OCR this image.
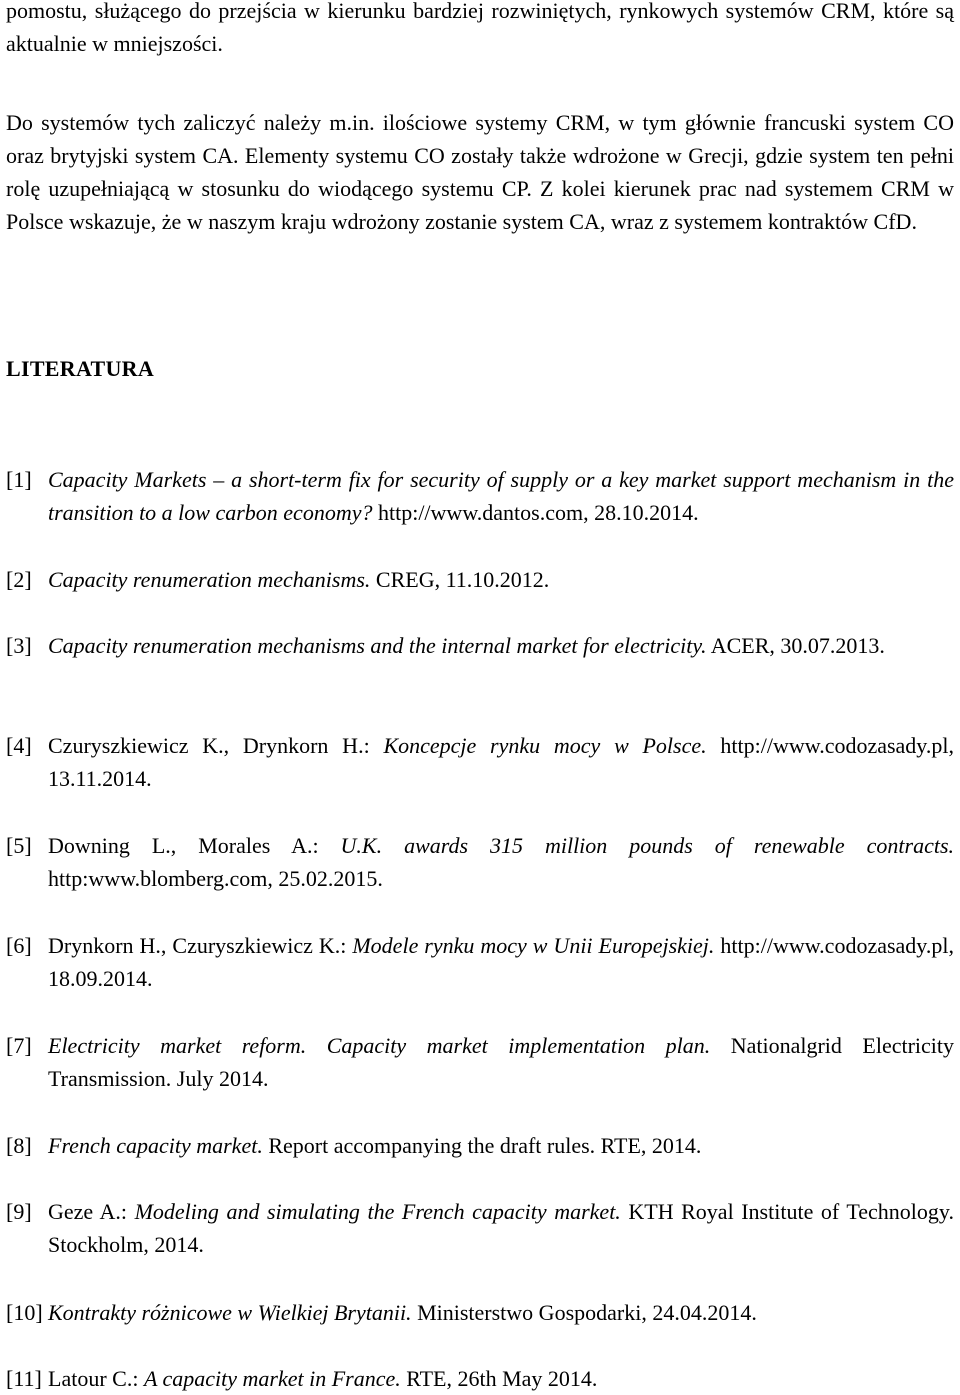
pomostu, służącego do przejścia w kierunku bardziej rozwiniętych, rynkowych systemów CRM, które są aktualnie w mniejszości.

Do systemów tych zaliczyć należy m.in. ilościowe systemy CRM, w tym głównie francuski system CO oraz brytyjski system CA. Elementy systemu CO zostały także wdrożone w Grecji, gdzie system ten pełni rolę uzupełniającą w stosunku do wiodącego systemu CP. Z kolei kierunek prac nad systemem CRM w Polsce wskazuje, że w naszym kraju wdrożony zostanie system CA, wraz z systemem kontraktów CfD.

LITERATURA
[1] Capacity Markets – a short-term fix for security of supply or a key market support mechanism in the transition to a low carbon economy? http://www.dantos.com, 28.10.2014.
[2] Capacity renumeration mechanisms. CREG, 11.10.2012.
[3] Capacity renumeration mechanisms and the internal market for electricity. ACER, 30.07.2013.
[4] Czuryszkiewicz K., Drynkorn H.: Koncepcje rynku mocy w Polsce. http://www.codozasady.pl, 13.11.2014.
[5] Downing L., Morales A.: U.K. awards 315 million pounds of renewable contracts. http:www.blomberg.com, 25.02.2015.
[6] Drynkorn H., Czuryszkiewicz K.: Modele rynku mocy w Unii Europejskiej. http://www.codozasady.pl, 18.09.2014.
[7] Electricity market reform. Capacity market implementation plan. Nationalgrid Electricity Transmission. July 2014.
[8] French capacity market. Report accompanying the draft rules. RTE, 2014.
[9] Geze A.: Modeling and simulating the French capacity market. KTH Royal Institute of Technology. Stockholm, 2014.
[10] Kontrakty różnicowe w Wielkiej Brytanii. Ministerstwo Gospodarki, 24.04.2014.
[11] Latour C.: A capacity market in France. RTE, 26th May 2014.
